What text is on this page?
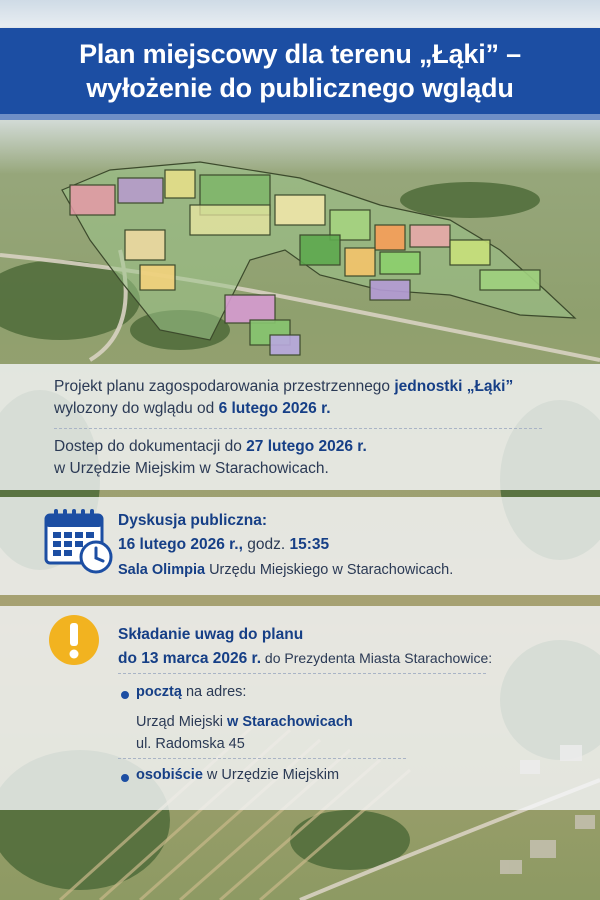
Plan miejscowy dla terenu „Łąki” –
wyłożenie do publicznego wglądu
Projekt planu zagospodarowania przestrzennego jednostki „Łąki”
wylozony do wglądu od 6 lutego 2026 r.
Dostep do dokumentacji do 27 lutego 2026 r.
w Urzędzie Miejskim w Starachowicach.
Dyskusja publiczna:
16 lutego 2026 r., godz. 15:35
Sala Olimpia Urzędu Miejskiego w Starachowicach.
Składanie uwag do planu
do 13 marca 2026 r. do Prezydenta Miasta Starachowice:
pocztą na adres:
Urząd Miejski w Starachowicach
ul. Radomska 45
osobiście w Urzędzie Miejskim
